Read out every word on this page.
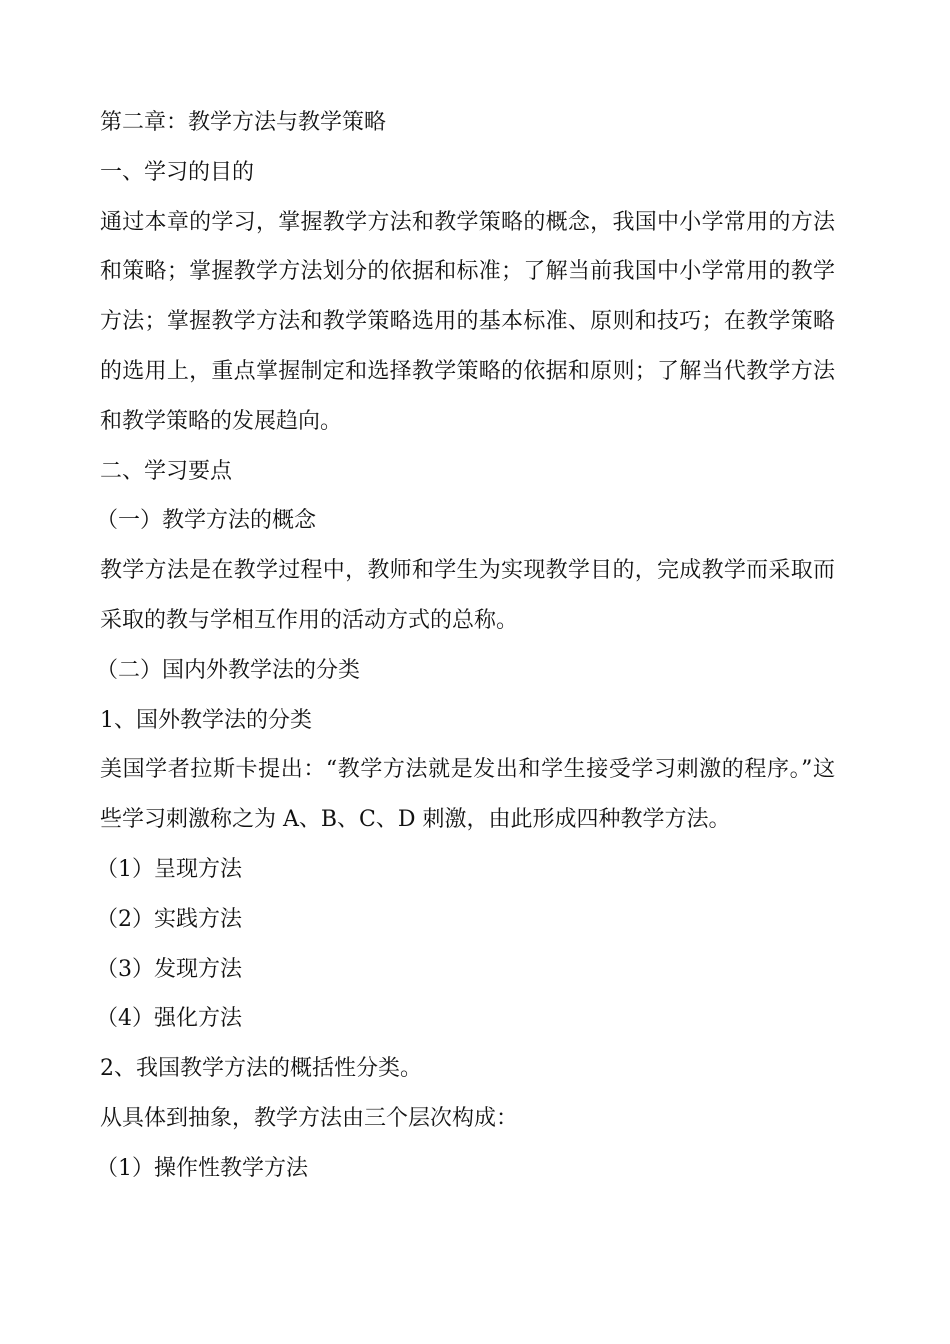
第二章：教学方法与教学策略
一、学习的目的
通过本章的学习，掌握教学方法和教学策略的概念，我国中小学常用的方法
和策略；掌握教学方法划分的依据和标准；了解当前我国中小学常用的教学
方法；掌握教学方法和教学策略选用的基本标准、原则和技巧；在教学策略
的选用上，重点掌握制定和选择教学策略的依据和原则；了解当代教学方法
和教学策略的发展趋向。
二、学习要点
（一）教学方法的概念
教学方法是在教学过程中，教师和学生为实现教学目的，完成教学而采取而
采取的教与学相互作用的活动方式的总称。
（二）国内外教学法的分类
1、国外教学法的分类
美国学者拉斯卡提出：“教学方法就是发出和学生接受学习刺激的程序。”这
些学习刺激称之为 A、B、C、D 刺激，由此形成四种教学方法。
（1）呈现方法
（2）实践方法
（3）发现方法
（4）强化方法
2、我国教学方法的概括性分类。
从具体到抽象，教学方法由三个层次构成：
（1）操作性教学方法
